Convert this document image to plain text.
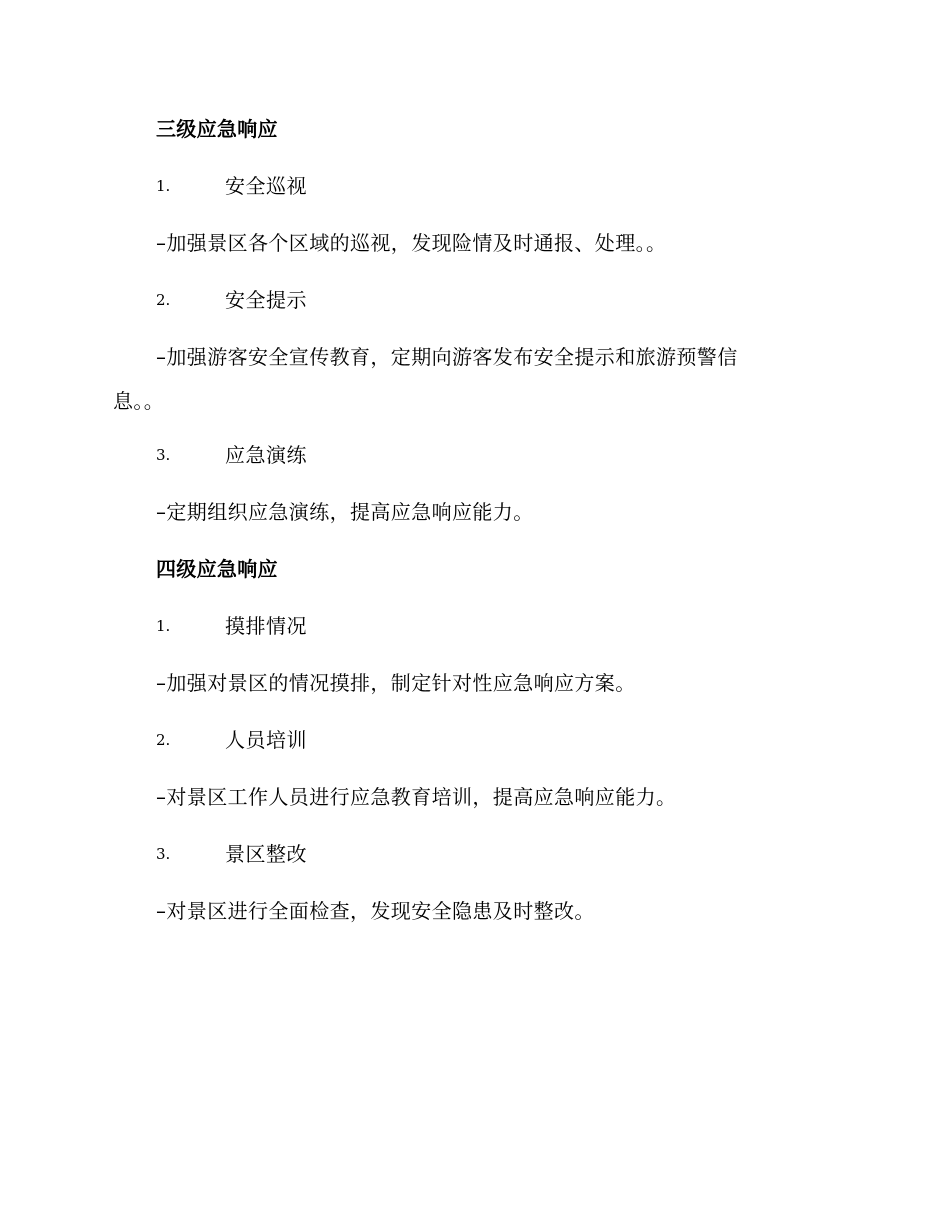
三级应急响应
1.	安全巡视
–加强景区各个区域的巡视，发现险情及时通报、处理。。
2.	安全提示
–加强游客安全宣传教育，定期向游客发布安全提示和旅游预警信息。。
3.	应急演练
–定期组织应急演练，提高应急响应能力。
四级应急响应
1.	摸排情况
–加强对景区的情况摸排，制定针对性应急响应方案。
2.	人员培训
–对景区工作人员进行应急教育培训，提高应急响应能力。
3.	景区整改
–对景区进行全面检查，发现安全隐患及时整改。
